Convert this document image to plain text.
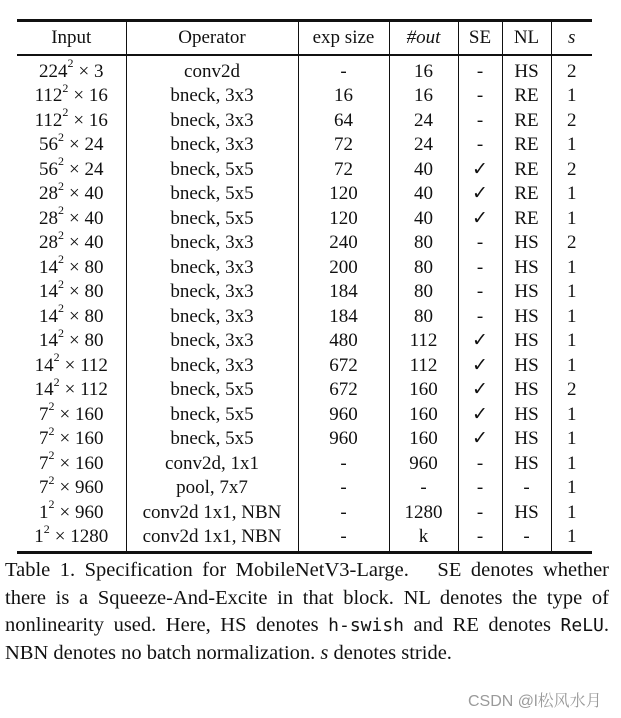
Input	Operator	exp size	#out	SE	NL	s
$224^2 \times 3$	conv2d	-	16	-	HS	2
$112^2 \times 16$	bneck, 3x3	16	16	-	RE	1
$112^2 \times 16$	bneck, 3x3	64	24	-	RE	2
$56^2 \times 24$	bneck, 3x3	72	24	-	RE	1
$56^2 \times 24$	bneck, 5x5	72	40	✓	RE	2
$28^2 \times 40$	bneck, 5x5	120	40	✓	RE	1
$28^2 \times 40$	bneck, 5x5	120	40	✓	RE	1
$28^2 \times 40$	bneck, 3x3	240	80	-	HS	2
$14^2 \times 80$	bneck, 3x3	200	80	-	HS	1
$14^2 \times 80$	bneck, 3x3	184	80	-	HS	1
$14^2 \times 80$	bneck, 3x3	184	80	-	HS	1
$14^2 \times 80$	bneck, 3x3	480	112	✓	HS	1
$14^2 \times 112$	bneck, 3x3	672	112	✓	HS	1
$14^2 \times 112$	bneck, 5x5	672	160	✓	HS	2
$7^2 \times 160$	bneck, 5x5	960	160	✓	HS	1
$7^2 \times 160$	bneck, 5x5	960	160	✓	HS	1
$7^2 \times 160$	conv2d, 1x1	-	960	-	HS	1
$7^2 \times 960$	pool, 7x7	-	-	-	-	1
$1^2 \times 960$	conv2d 1x1, NBN	-	1280	-	HS	1
$1^2 \times 1280$	conv2d 1x1, NBN	-	k	-	-	1

Table 1. Specification for MobileNetV3-Large. SE denotes whether there is a Squeeze-And-Excite in that block. NL denotes the type of nonlinearity used. Here, HS denotes h-swish and RE denotes ReLU. NBN denotes no batch normalization. s denotes stride.

CSDN @l松风水月
